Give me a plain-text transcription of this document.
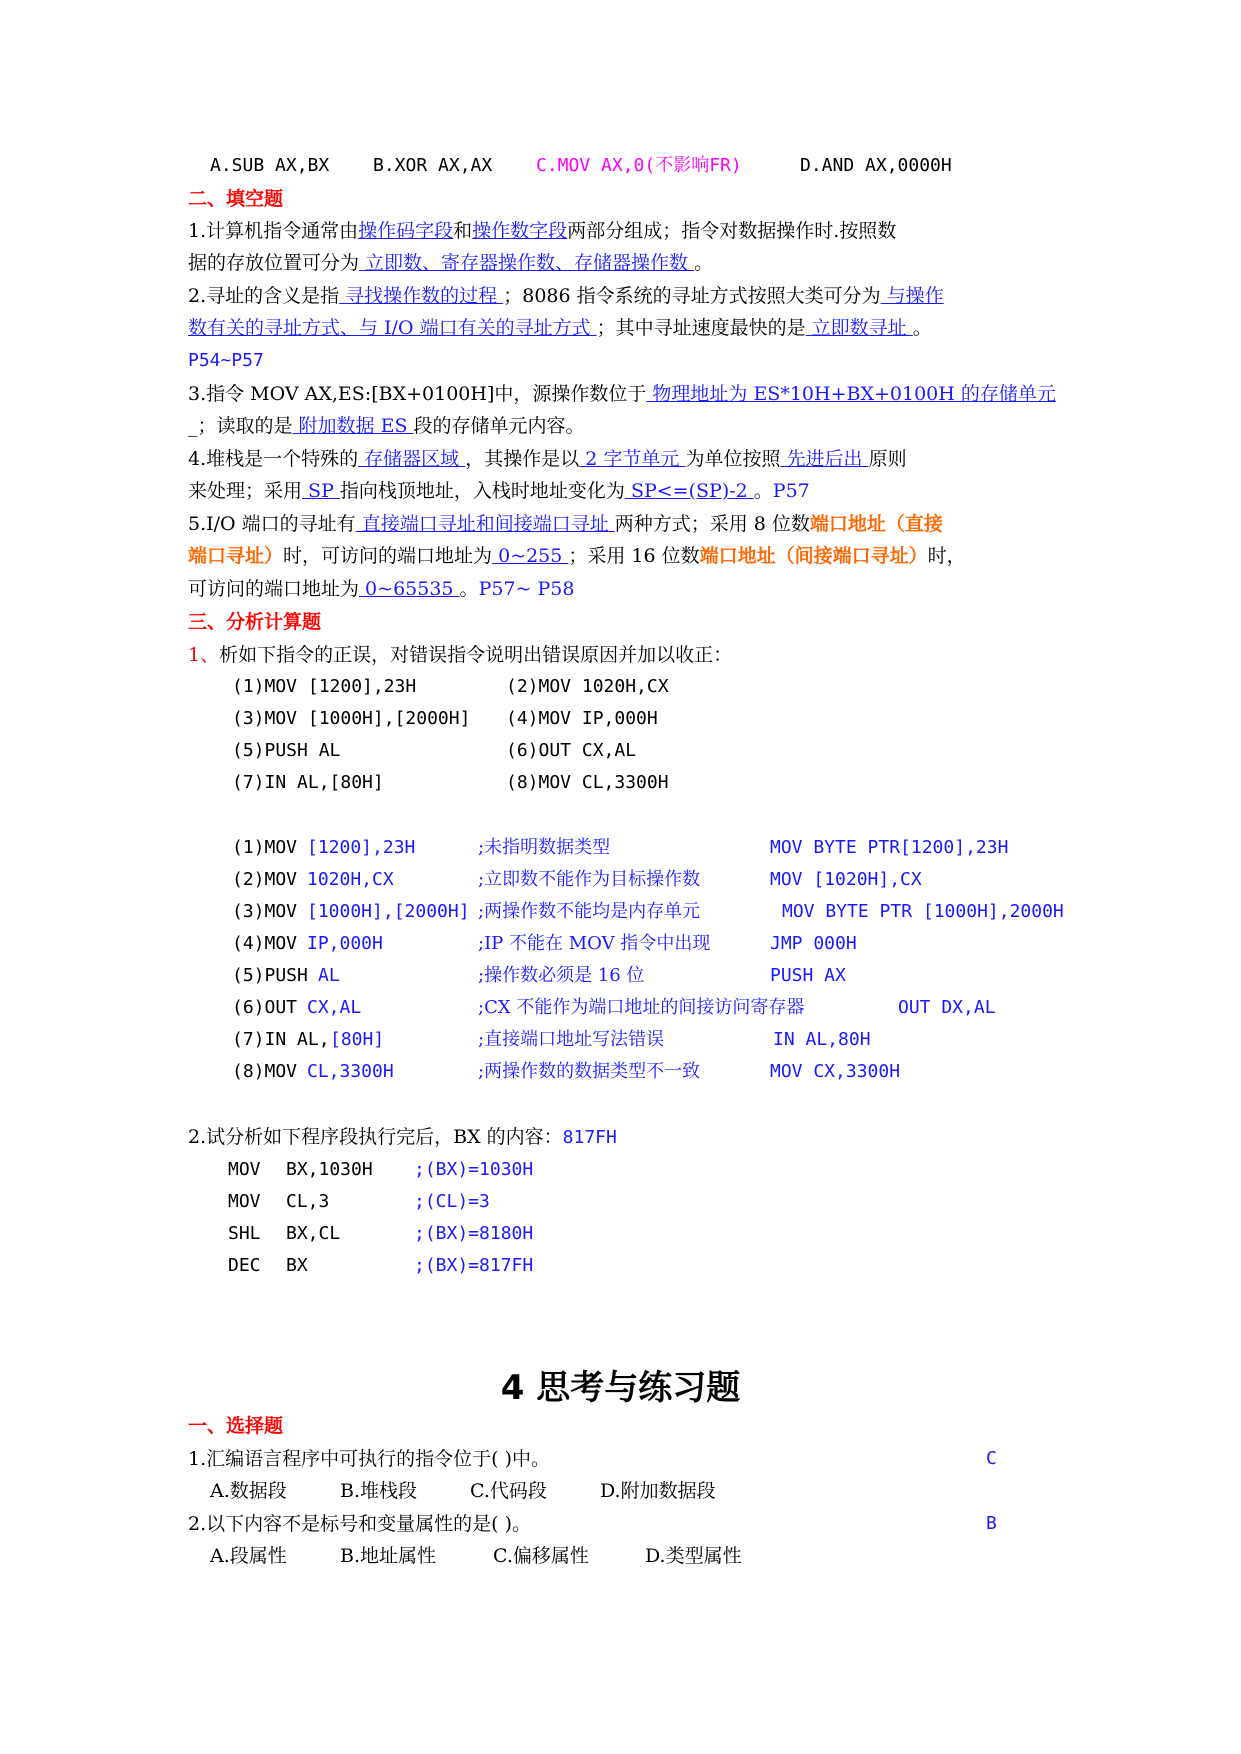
A.SUB AX,BX B.XOR AX,AX C.MOV AX,0(不影响FR)	D.AND AX,0000H
二、填空题
1.计算机指令通常由操作码字段和操作数字段两部分组成；指令对数据操作时.按照数
据的存放位置可分为 立即数、寄存器操作数、存储器操作数 。
2.寻址的含义是指 寻找操作数的过程 ；8086 指令系统的寻址方式按照大类可分为 与操作
数有关的寻址方式、与 I/O 端口有关的寻址方式 ；其中寻址速度最快的是 立即数寻址 。
P54~P57
3.指令 MOV AX,ES:[BX+0100H]中，源操作数位于 物理地址为 ES*10H+BX+0100H 的存储单元
_；读取的是 附加数据 ES 段的存储单元内容。
4.堆栈是一个特殊的 存储器区域 ，其操作是以 2 字节单元 为单位按照 先进后出 原则
来处理；采用 SP 指向栈顶地址，入栈时地址变化为 SP<=(SP)-2 。P57
5.I/O 端口的寻址有 直接端口寻址和间接端口寻址 两种方式；采用 8 位数端口地址（直接
端口寻址）时，可访问的端口地址为 0~255 ；采用 16 位数端口地址（间接端口寻址）时，
可访问的端口地址为 0~65535 。P57~ P58
三、分析计算题
1、析如下指令的正误，对错误指令说明出错误原因并加以收正：
(1)MOV [1200],23H	(2)MOV 1020H,CX
(3)MOV [1000H],[2000H] (4)MOV IP,000H
(5)PUSH AL	(6)OUT CX,AL
(7)IN AL,[80H]	(8)MOV CL,3300H
(1)MOV [1200],23H	;未指明数据类型	MOV BYTE PTR[1200],23H
(2)MOV 1020H,CX	;立即数不能作为目标操作数	MOV [1020H],CX
(3)MOV [1000H],[2000H] ;两操作数不能均是内存单元	MOV BYTE PTR [1000H],2000H
(4)MOV IP,000H	;IP 不能在 MOV 指令中出现	JMP 000H
(5)PUSH AL	;操作数必须是 16 位	PUSH AX
(6)OUT CX,AL	;CX 不能作为端口地址的间接访问寄存器	OUT DX,AL
(7)IN AL, [80H]	;直接端口地址写法错误	IN AL,80H
(8)MOV CL,3300H	;两操作数的数据类型不一致	MOV CX,3300H
2.试分析如下程序段执行完后，BX 的内容：817FH
MOV BX,1030H ;(BX)=1030H
MOV CL,3	;(CL)=3
SHL BX,CL	;(BX)=8180H
DEC BX	;(BX)=817FH
4 思考与练习题
一、选择题
1.汇编语言程序中可执行的指令位于( )中。	C
A.数据段	B.堆栈段	C.代码段	D.附加数据段
2.以下内容不是标号和变量属性的是( )。	B
A.段属性	B.地址属性	C.偏移属性	D.类型属性
